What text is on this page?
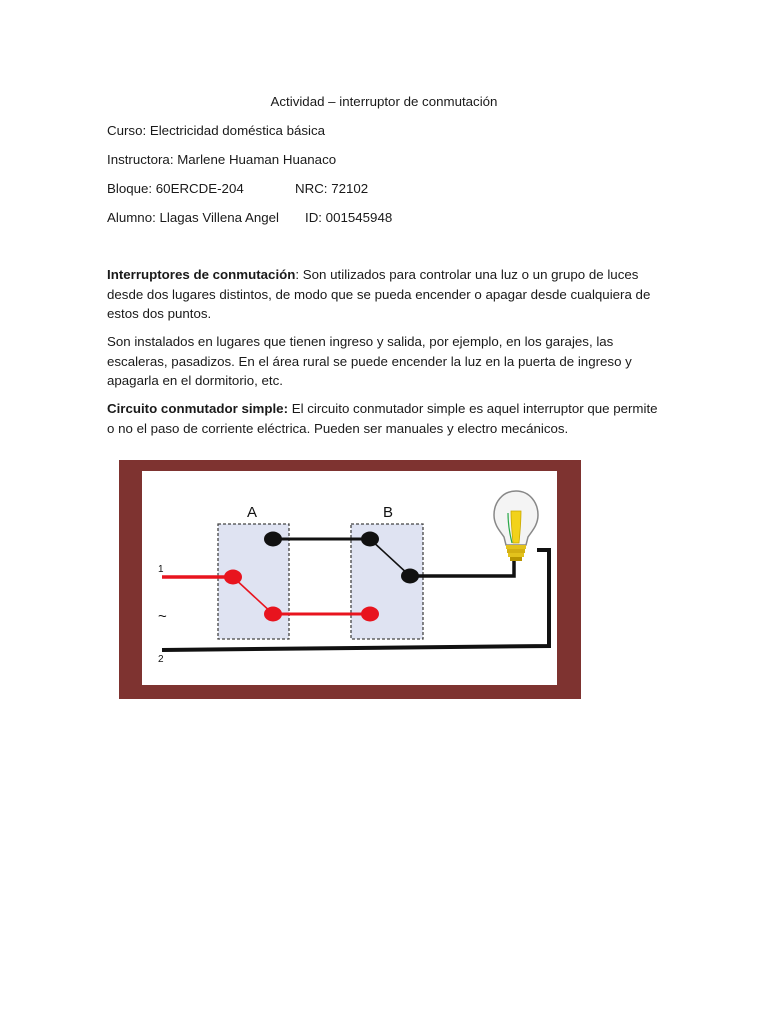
Actividad – interruptor de conmutación
Curso: Electricidad doméstica básica
Instructora: Marlene Huaman Huanaco
Bloque: 60ERCDE-204	NRC: 72102
Alumno: Llagas Villena Angel ID: 001545948
Interruptores de conmutación: Son utilizados para controlar una luz o un grupo de luces desde dos lugares distintos, de modo que se pueda encender o apagar desde cualquiera de estos dos puntos.
Son instalados en lugares que tienen ingreso y salida, por ejemplo, en los garajes, las escaleras, pasadizos. En el área rural se puede encender la luz en la puerta de ingreso y apagarla en el dormitorio, etc.
Circuito conmutador simple: El circuito conmutador simple es aquel interruptor que permite o no el paso de corriente eléctrica. Pueden ser manuales y electro mecánicos.
A	B
1
~
2
